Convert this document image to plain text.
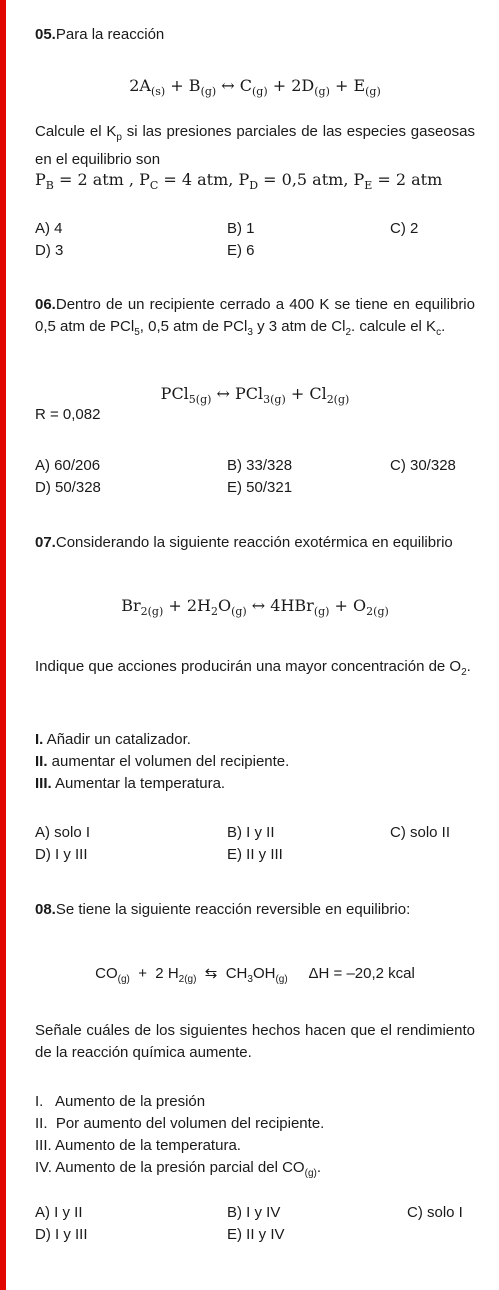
05.Para la reacción
$2A_{(s)} + B_{(g)}$ ↔ $C_{(g)} + 2D_{(g)} + E_{(g)}$
Calcule el $K_p$ si las presiones parciales de las especies gaseosas en el equilibrio son
$P_B = 2$ atm , $P_C = 4$ atm, $P_D = 0,5$ atm, $P_E = 2$ atm
A) 4	B) 1	C) 2
D) 3	E) 6
06.Dentro de un recipiente cerrado a 400 K se tiene en equilibrio 0,5 atm de PCl$_5$, 0,5 atm de PCl$_3$ y 3 atm de $Cl_2$. calcule el $K_c$.
PCl$_{5(g)}$ ↔ $PCl_{3(g)} + Cl_{2(g)}$
R = 0,082
A) 60/206	B) 33/328	C) 30/328
D) 50/328	E) 50/321
07.Considerando la siguiente reacción exotérmica en equilibrio
$Br_{2(g)} + 2H_2O_{(g)}$ ↔ $4HBr_{(g)} + O_{2(g)}$
Indique que acciones producirán una mayor concentración de $O_2$.
I. Añadir un catalizador.
II. aumentar el volumen del recipiente.
III. Aumentar la temperatura.
A) solo I	B) I y II	C) solo II
D) I y III	E) II y III
08.Se tiene la siguiente reacción reversible en equilibrio:
$CO_{(g)} + 2$ $H_{2(g)}$  ⇆  $CH_3OH_{(g)}$     ΔH = –20,2 kcal
Señale cuáles de los siguientes hechos hacen que el rendimiento de la reacción química aumente.
I.   Aumento de la presión
II.  Por aumento del volumen del recipiente.
III. Aumento de la temperatura.
IV. Aumento de la presión parcial del $CO_{(g)}$.
A) I y II	B) I y IV	C) solo I
D) I y III	E) II y IV
